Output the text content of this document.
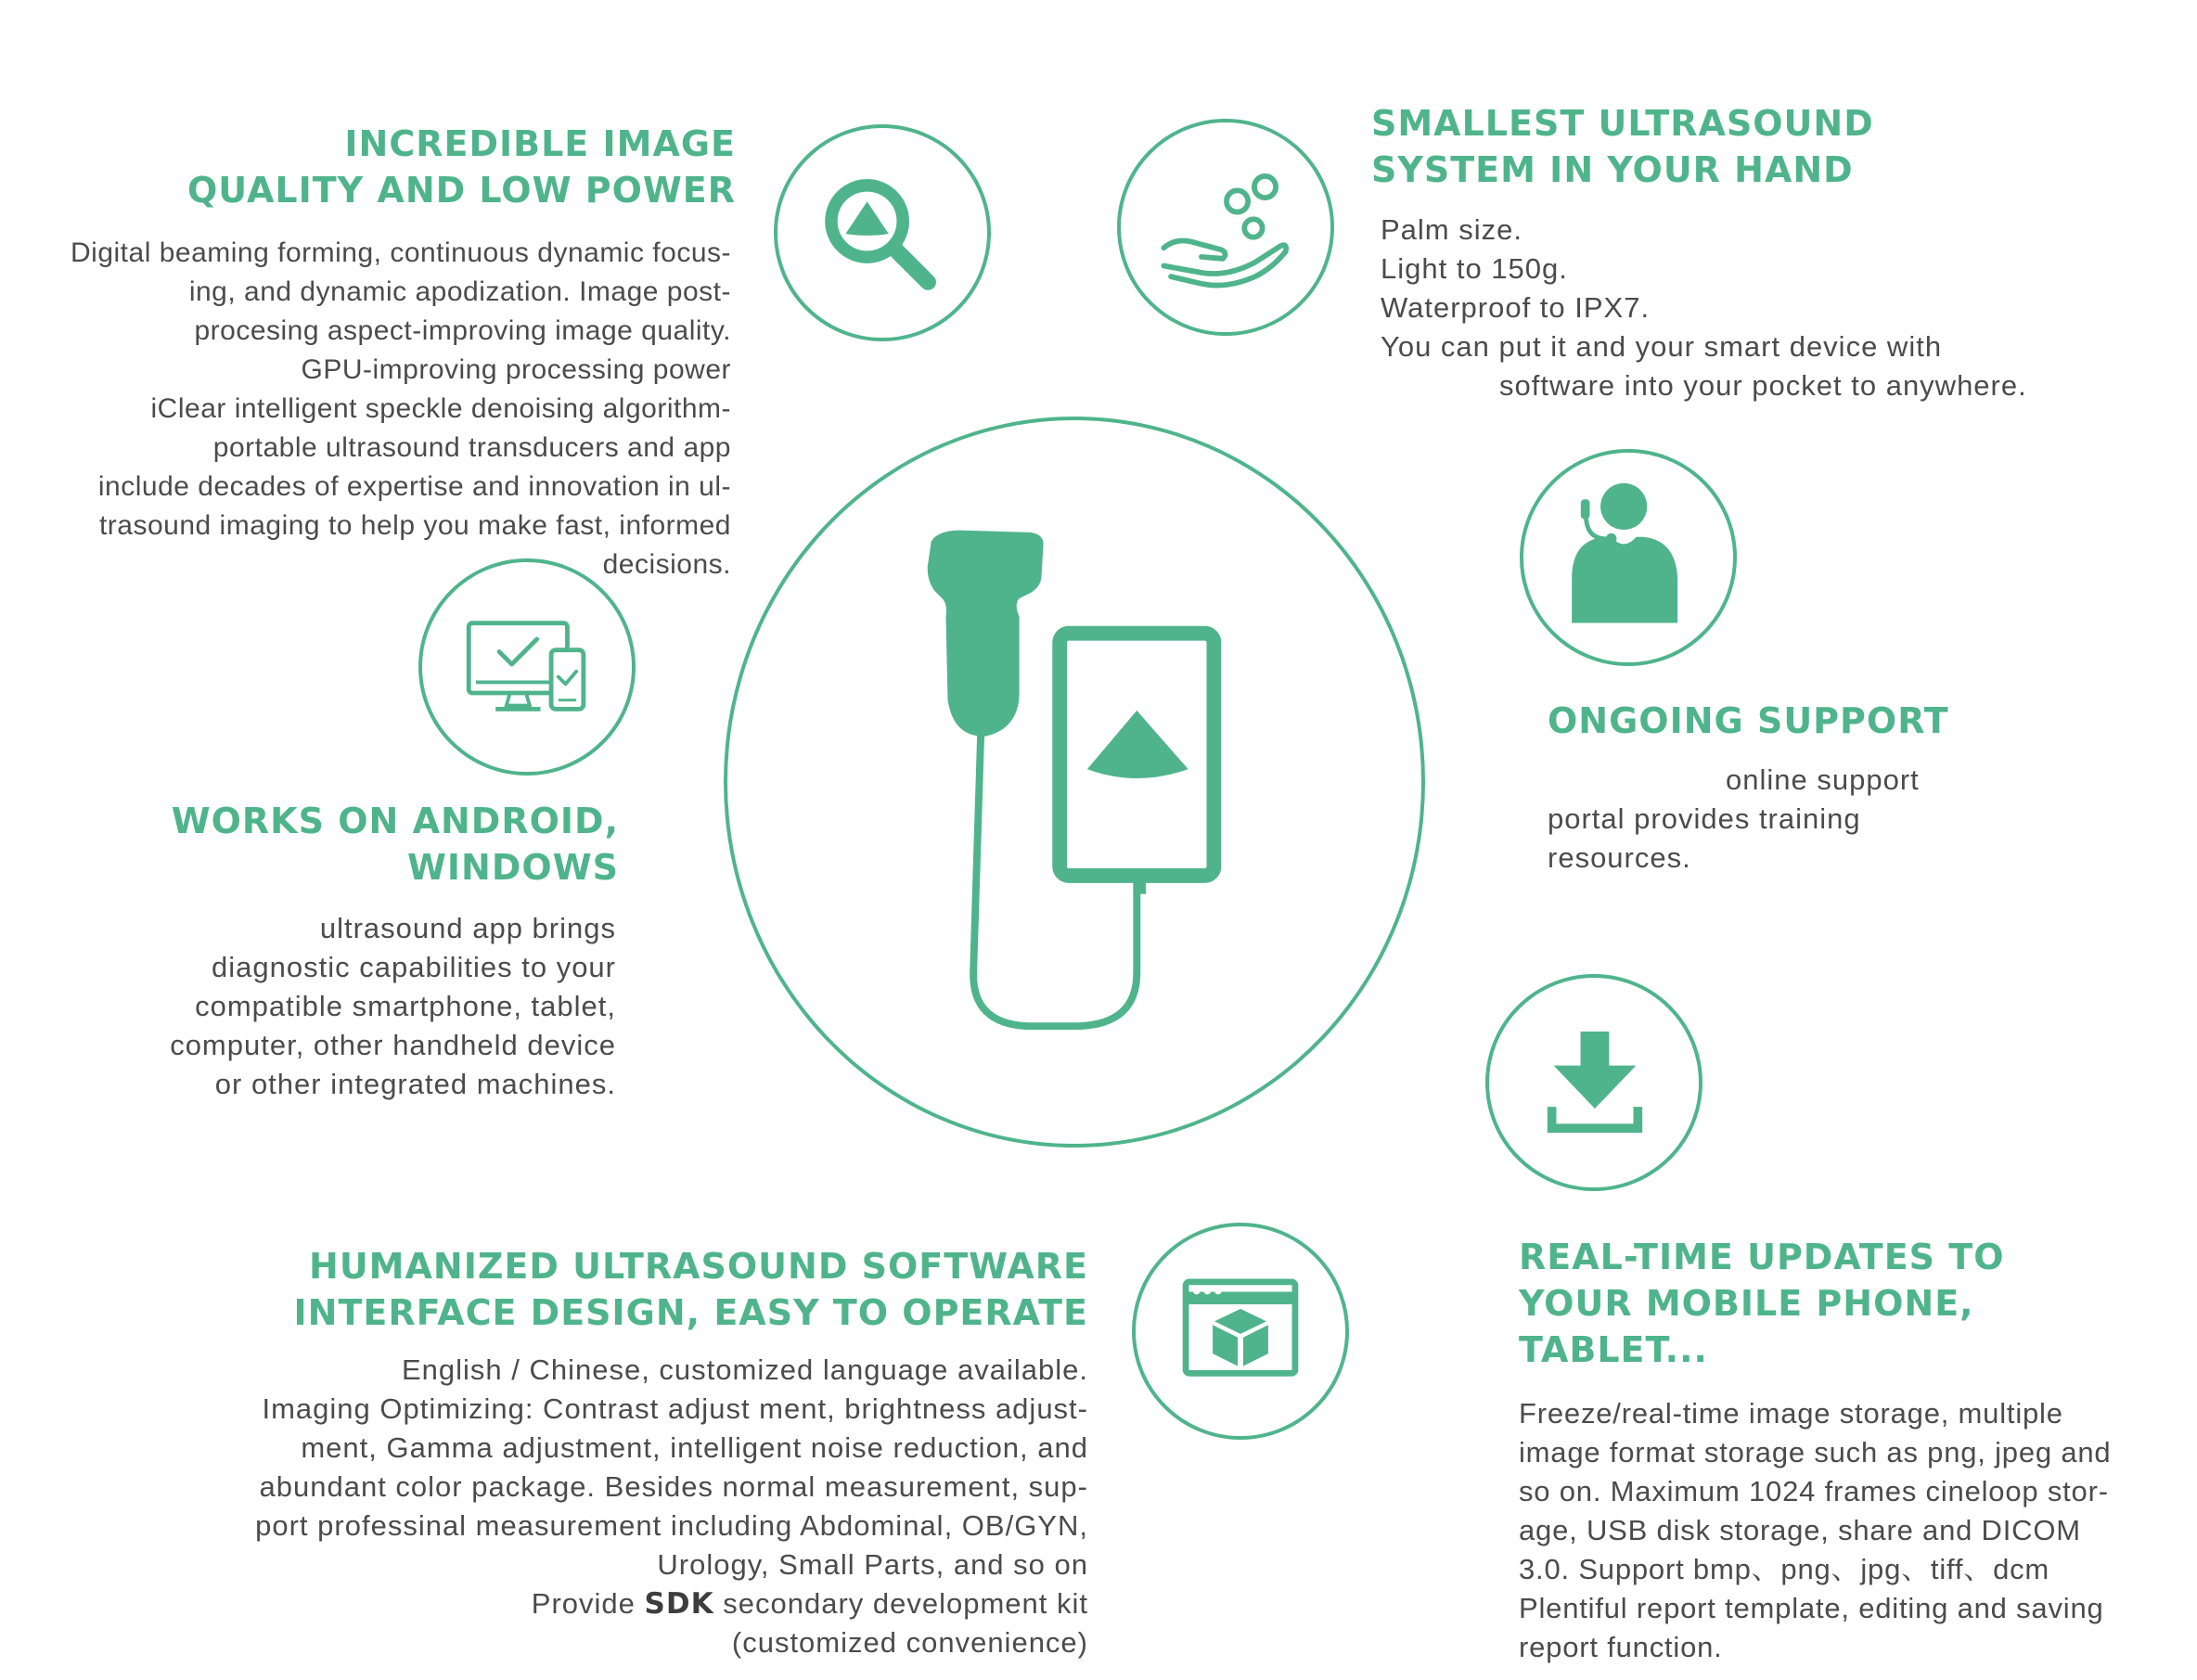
INCREDIBLE IMAGE
QUALITY AND LOW POWER
Digital beaming forming, continuous dynamic focus-
ing, and dynamic apodization. Image post-
procesing aspect-improving image quality.
GPU-improving processing power
iClear intelligent speckle denoising algorithm-
portable ultrasound transducers and app
include decades of expertise and innovation in ul-
trasound imaging to help you make fast, informed
decisions.
SMALLEST ULTRASOUND
SYSTEM IN YOUR HAND
Palm size.
Light to 150g.
Waterproof to IPX7.
You can put it and your smart device with
software into your pocket to anywhere.
ONGOING SUPPORT
online support
portal provides training
resources.
WORKS ON ANDROID,
WINDOWS
ultrasound app brings
diagnostic capabilities to your
compatible smartphone, tablet,
computer, other handheld device
or other integrated machines.
REAL-TIME UPDATES TO
YOUR MOBILE PHONE,
TABLET...
Freeze/real-time image storage, multiple
image format storage such as png, jpeg and
so on. Maximum 1024 frames cineloop stor-
age, USB disk storage, share and DICOM
3.0. Support bmp、png、jpg、tiff、dcm
Plentiful report template, editing and saving
report function.
HUMANIZED ULTRASOUND SOFTWARE
INTERFACE DESIGN, EASY TO OPERATE
English / Chinese, customized language available.
Imaging Optimizing: Contrast adjust ment, brightness adjust-
ment, Gamma adjustment, intelligent noise reduction, and
abundant color package. Besides normal measurement, sup-
port professinal measurement including Abdominal, OB/GYN,
Urology, Small Parts, and so on
Provide SDK secondary development kit
(customized convenience)
